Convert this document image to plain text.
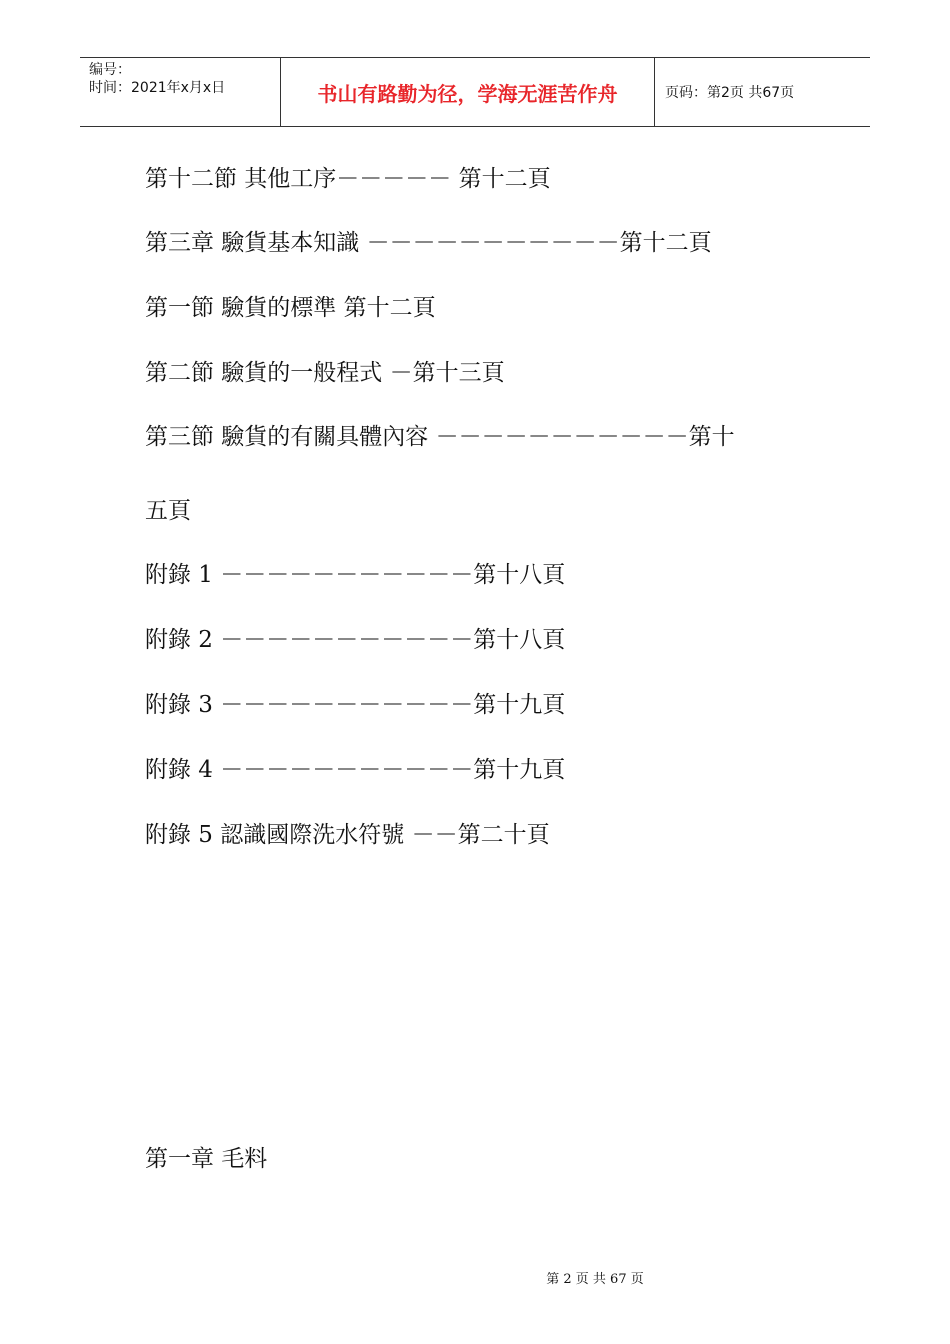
编号：
时间：2021年x月x日	书山有路勤为径，学海无涯苦作舟	页码：第2页 共67页
第十二節 其他工序－－－－－ 第十二頁
第三章 驗貨基本知識 －－－－－－－－－－－第十二頁
第一節 驗貨的標準 第十二頁
第二節 驗貨的一般程式 －第十三頁
第三節 驗貨的有關具體內容 －－－－－－－－－－－第十
五頁
附錄 1 －－－－－－－－－－－第十八頁
附錄 2 －－－－－－－－－－－第十八頁
附錄 3 －－－－－－－－－－－第十九頁
附錄 4 －－－－－－－－－－－第十九頁
附錄 5 認識國際洗水符號 －－第二十頁
第一章 毛料
第 2 页 共 67 页
